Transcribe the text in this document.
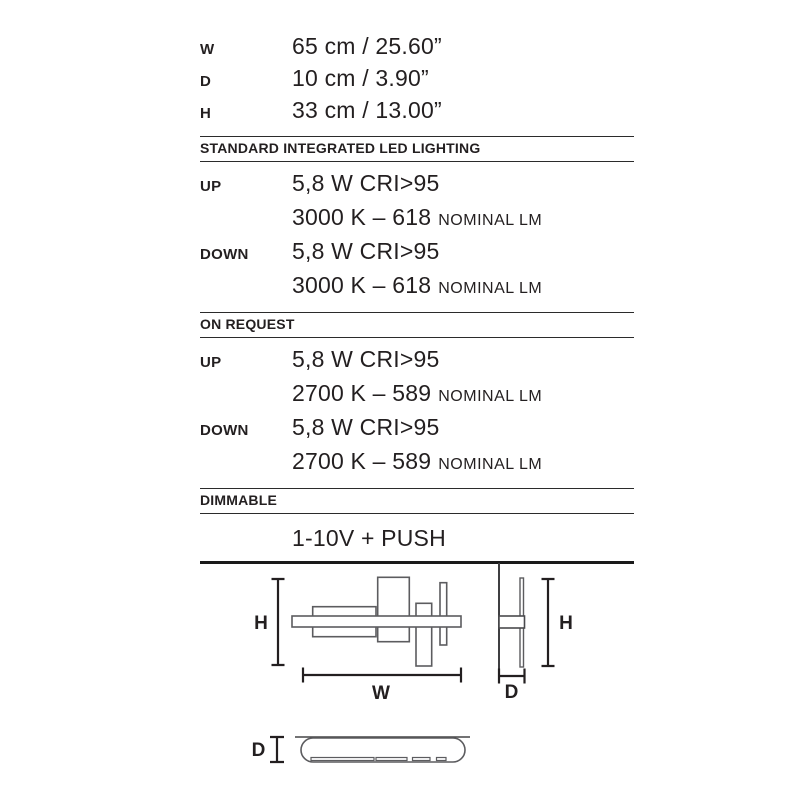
W	65 cm / 25.60”
D	10 cm / 3.90”
H	33 cm / 13.00”
STANDARD INTEGRATED LED LIGHTING
UP	5,8 W CRI>95
3000 K – 618 NOMINAL LM
DOWN 5,8 W CRI>95
3000 K – 618 NOMINAL LM
ON REQUEST
UP	5,8 W CRI>95
2700 K – 589 NOMINAL LM
DOWN 5,8 W CRI>95
2700 K – 589 NOMINAL LM
DIMMABLE
1-10V + PUSH
H
W
H
D
D
